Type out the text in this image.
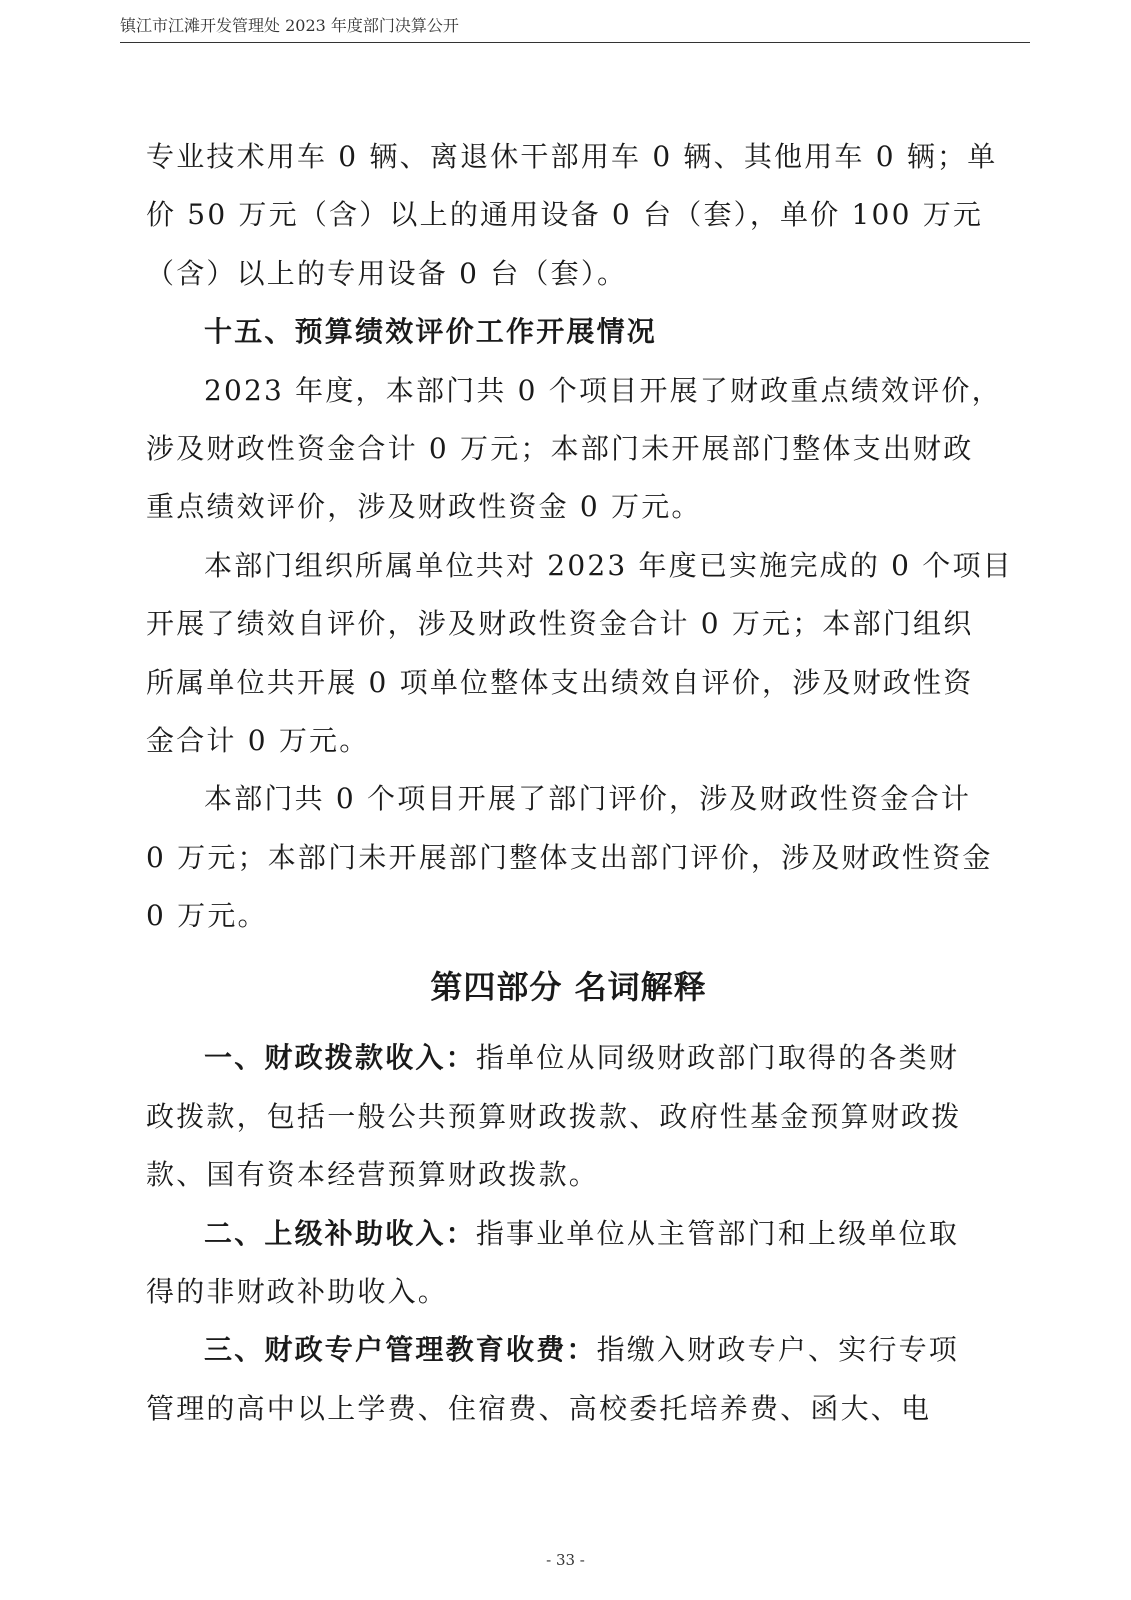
镇江市江滩开发管理处 2023 年度部门决算公开
专业技术用车 0 辆、离退休干部用车 0 辆、其他用车 0 辆；单
价 50 万元（含）以上的通用设备 0 台（套），单价 100 万元
（含）以上的专用设备 0 台（套）。
十五、预算绩效评价工作开展情况
2023 年度，本部门共 0 个项目开展了财政重点绩效评价，
涉及财政性资金合计 0 万元；本部门未开展部门整体支出财政
重点绩效评价，涉及财政性资金 0 万元。
本部门组织所属单位共对 2023 年度已实施完成的 0 个项目
开展了绩效自评价，涉及财政性资金合计 0 万元；本部门组织
所属单位共开展 0 项单位整体支出绩效自评价，涉及财政性资
金合计 0 万元。
本部门共 0 个项目开展了部门评价，涉及财政性资金合计
0 万元；本部门未开展部门整体支出部门评价，涉及财政性资金
0 万元。
第四部分 名词解释
一、财政拨款收入：指单位从同级财政部门取得的各类财
政拨款，包括一般公共预算财政拨款、政府性基金预算财政拨
款、国有资本经营预算财政拨款。
二、上级补助收入：指事业单位从主管部门和上级单位取
得的非财政补助收入。
三、财政专户管理教育收费：指缴入财政专户、实行专项
管理的高中以上学费、住宿费、高校委托培养费、函大、电
- 33 -
